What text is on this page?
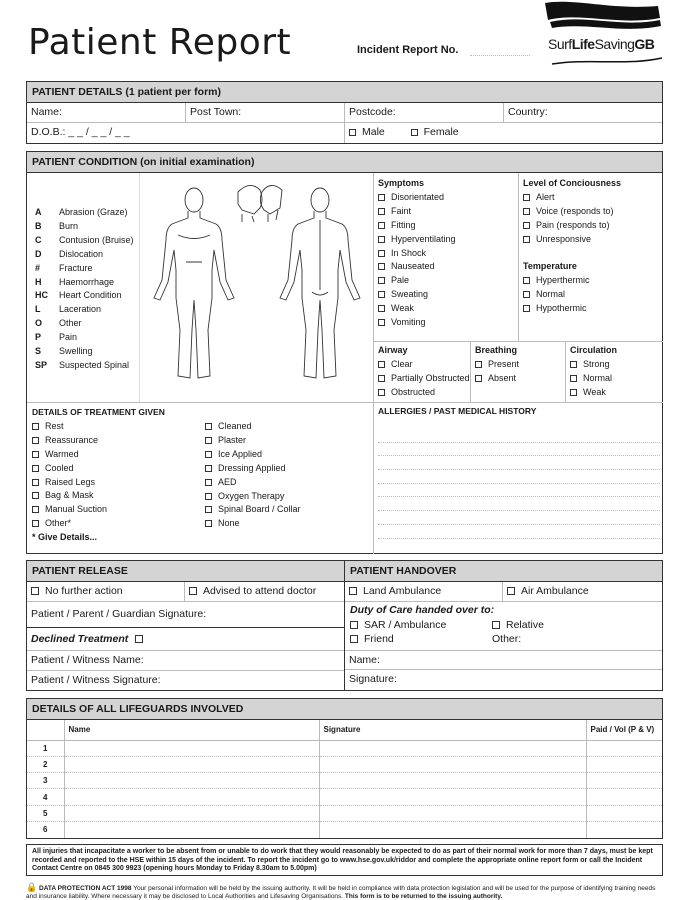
Patient Report	Incident Report No.	SurfLifeSavingGB
PATIENT DETAILS (1 patient per form)
Name:	Post Town:	Postcode:	Country:
D.O.B.: _ _ / _ _ / _ _	Male	Female
PATIENT CONDITION (on initial examination)
A Abrasion (Graze)
B Burn
C Contusion (Bruise)
D Dislocation
# Fracture
H Haemorrhage
HC Heart Condition
L Laceration
O Other
P Pain
S Swelling
SP Suspected Spinal
Symptoms
Disorientated
Faint
Fitting
Hyperventilating
In Shock
Nauseated
Pale
Sweating
Weak
Vomiting
Level of Conciousness
Alert
Voice (responds to)
Pain (responds to)
Unresponsive
Temperature
Hyperthermic
Normal
Hypothermic
Airway
Clear
Partially Obstructed
Obstructed
Breathing
Present
Absent
Circulation
Strong
Normal
Weak
DETAILS OF TREATMENT GIVEN
Rest
Reassurance
Warmed
Cooled
Raised Legs
Bag & Mask
Manual Suction
Other*
* Give Details...
Cleaned
Plaster
Ice Applied
Dressing Applied
AED
Oxygen Therapy
Spinal Board / Collar
None
ALLERGIES / PAST MEDICAL HISTORY
PATIENT RELEASE
No further action	Advised to attend doctor
Patient / Parent / Guardian Signature:
Declined Treatment
Patient / Witness Name:
Patient / Witness Signature:
PATIENT HANDOVER
Land Ambulance	Air Ambulance
Duty of Care handed over to:
SAR / Ambulance
Friend
Relative
Other:
Name:
Signature:
DETAILS OF ALL LIFEGUARDS INVOLVED
	Name	Signature	Paid / Vol (P & V)
1			
2			
3			
4			
5			
6			
All injuries that incapacitate a worker to be absent from or unable to do work that they would reasonably be expected to do as part of their normal work for more than 7 days, must be kept recorded and reported to the HSE within 15 days of the incident. To report the incident go to www.hse.gov.uk/riddor and complete the appropriate online report form or call the Incident Contact Centre on 0845 300 9923 (opening hours Monday to Friday 8.30am to 5.00pm)
🔒 DATA PROTECTION ACT 1998 Your personal information will be held by the issuing authority. It will be held in compliance with data protection legislation and will be used for the purpose of identifying training needs and insurance liability. Where necessary it may be disclosed to Local Authorities and Lifesaving Organisations. This form is to be returned to the issuing authority.
